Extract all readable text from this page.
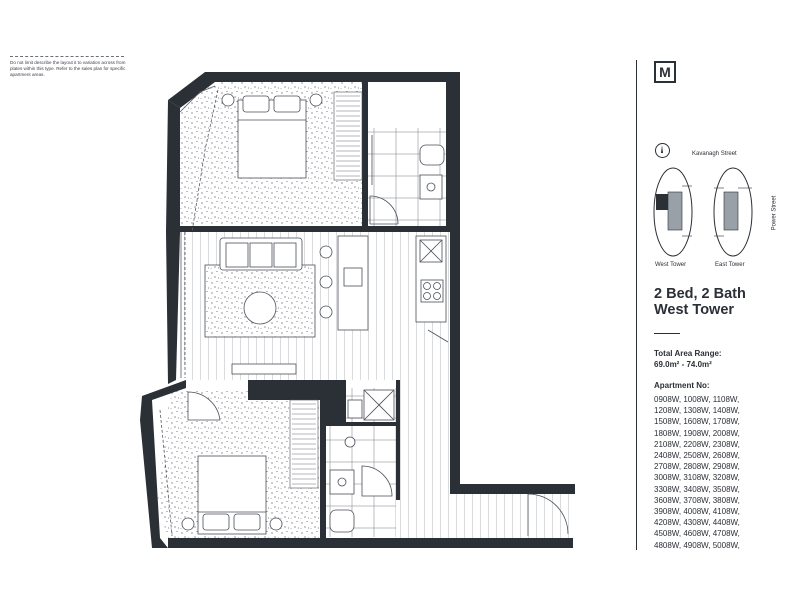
Do not limit describe the layout it to variation across from plates within this type. Refer to the sales plan for specific apartment areas.	M
Kavanagh Street
Power Street
West Tower	East Tower
2 Bed, 2 Bath
West Tower
Total Area Range:
69.0m² - 74.0m²
Apartment No:
0908W, 1008W, 1108W, 1208W, 1308W, 1408W, 1508W, 1608W, 1708W, 1808W, 1908W, 2008W, 2108W, 2208W, 2308W, 2408W, 2508W, 2608W, 2708W, 2808W, 2908W, 3008W, 3108W, 3208W, 3308W, 3408W, 3508W, 3608W, 3708W, 3808W, 3908W, 4008W, 4108W, 4208W, 4308W, 4408W, 4508W, 4608W, 4708W, 4808W, 4908W, 5008W,
